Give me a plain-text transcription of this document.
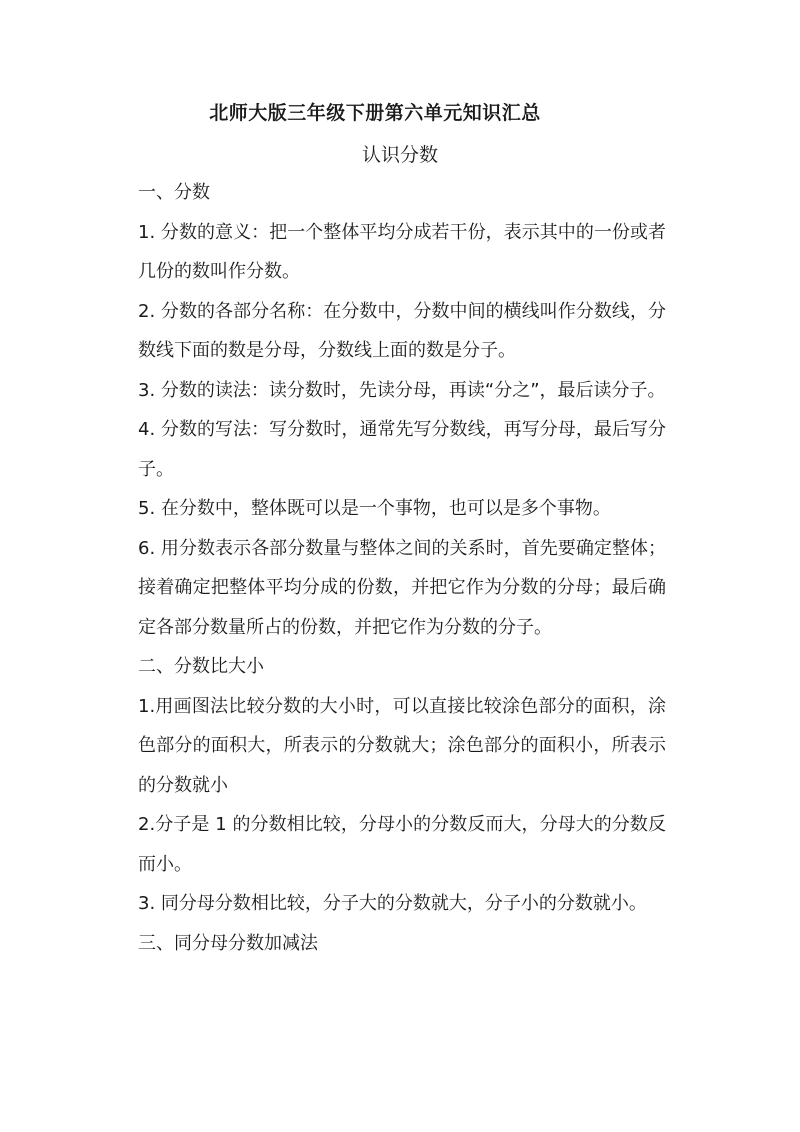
北师大版三年级下册第六单元知识汇总
认识分数

一、分数

1. 分数的意义：把一个整体平均分成若干份，表示其中的一份或者几份的数叫作分数。

2. 分数的各部分名称：在分数中，分数中间的横线叫作分数线，分数线下面的数是分母，分数线上面的数是分子。

3. 分数的读法：读分数时，先读分母，再读“分之”，最后读分子。

4. 分数的写法：写分数时，通常先写分数线，再写分母，最后写分子。

5. 在分数中，整体既可以是一个事物，也可以是多个事物。

6. 用分数表示各部分数量与整体之间的关系时，首先要确定整体；接着确定把整体平均分成的份数，并把它作为分数的分母；最后确定各部分数量所占的份数，并把它作为分数的分子。

二、分数比大小

1.用画图法比较分数的大小时，可以直接比较涂色部分的面积，涂色部分的面积大，所表示的分数就大；涂色部分的面积小，所表示的分数就小

2.分子是 1 的分数相比较，分母小的分数反而大，分母大的分数反而小。

3. 同分母分数相比较，分子大的分数就大，分子小的分数就小。

三、同分母分数加减法
